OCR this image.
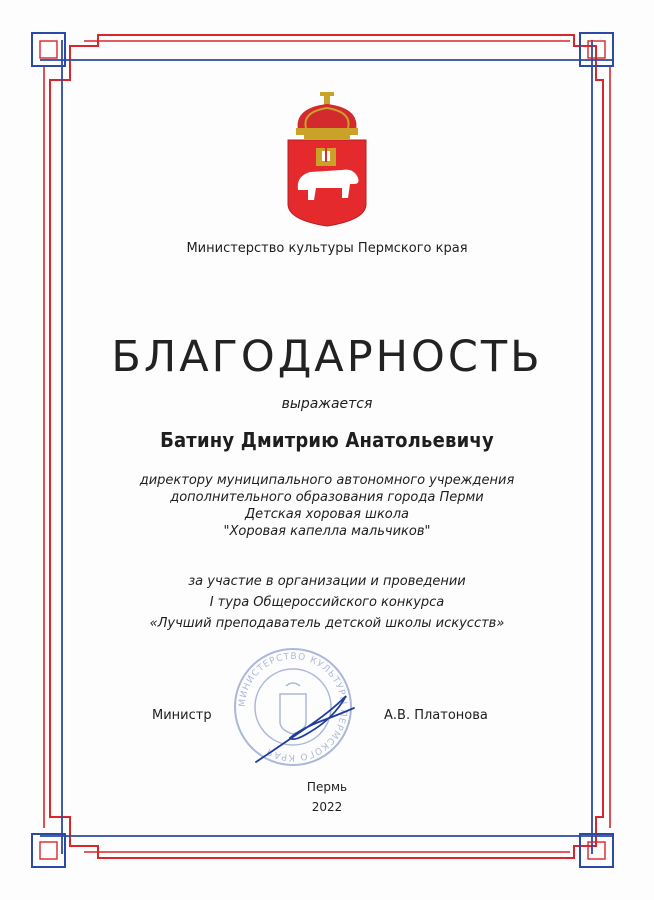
Министерство культуры Пермского края

БЛАГОДАРНОСТЬ

выражается

Батину Дмитрию Анатольевичу

директору муниципального автономного учреждения
дополнительного образования города Перми
Детская хоровая школа
"Хоровая капелла мальчиков"
за участие в организации и проведении
I тура Общероссийского конкурса
«Лучший преподаватель детской школы искусств»
МИНИСТЕРСТВО КУЛЬТУРЫ ПЕРМСКОГО КРАЯ
Министр	А.В. Платонова

Пермь

2022
